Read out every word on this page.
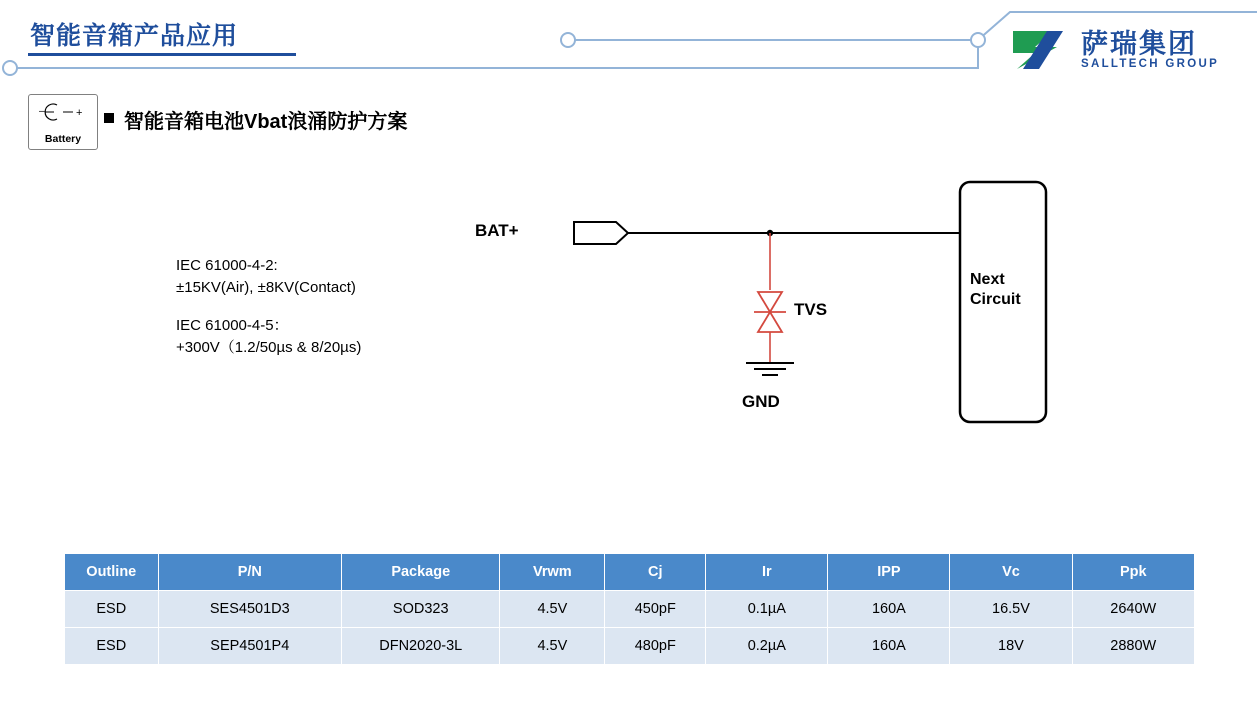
智能音箱产品应用	萨瑞集团
SALLTECH GROUP
–	+
Battery
智能音箱电池Vbat浪涌防护方案
IEC 61000-4-2:
±15KV(Air), ±8KV(Contact)
IEC 61000-4-5：
+300V（1.2/50µs & 8/20µs)
BAT+
TVS
GND
Next
Circuit
Outline	P/N	Package	Vrwm	Cj	Ir	IPP	Vc	Ppk
ESD	SES4501D3	SOD323	4.5V	450pF	0.1µA	160A	16.5V	2640W
ESD	SEP4501P4	DFN2020-3L	4.5V	480pF	0.2µA	160A	18V	2880W
